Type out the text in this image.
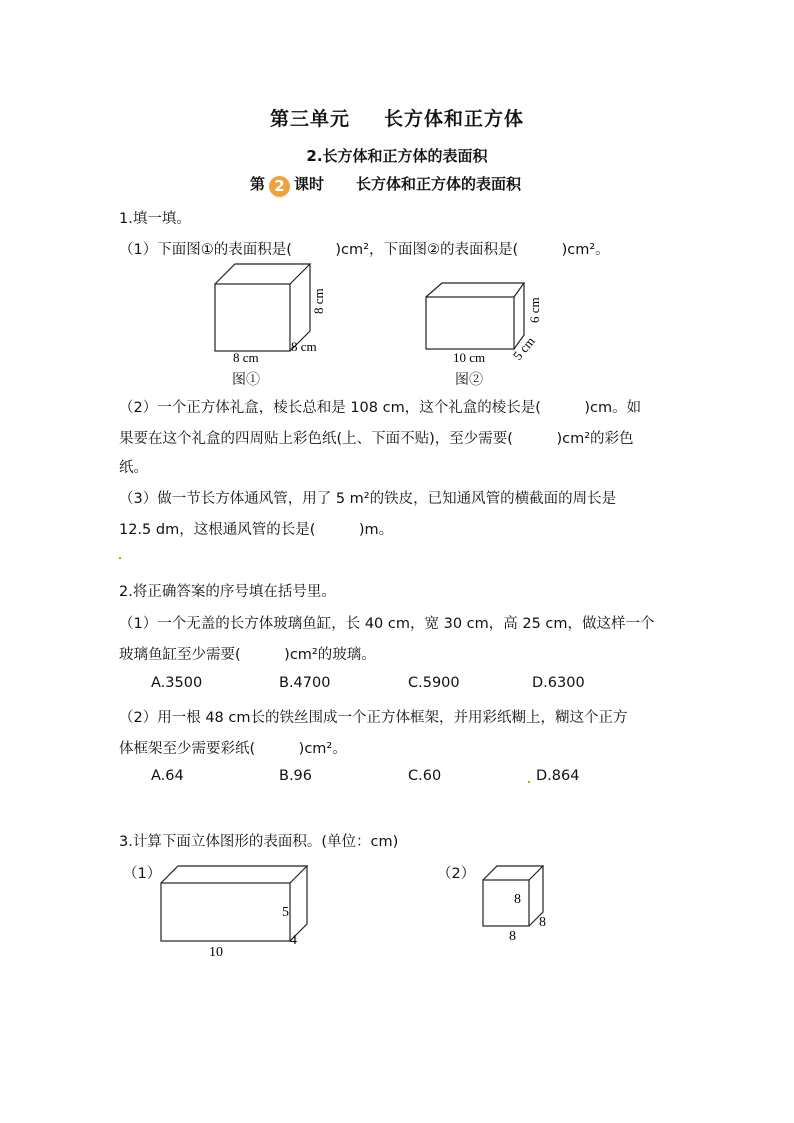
第三单元 长方体和正方体
2.长方体和正方体的表面积
第 2 课时 长方体和正方体的表面积
1.填一填。
（1）下面图①的表面积是(　　　)cm²，下面图②的表面积是(　　　)cm²。
8 cm
8 cm
8 cm
图①
10 cm 5 cm
6 cm
图②
（2）一个正方体礼盒，棱长总和是 108 cm，这个礼盒的棱长是(　　　)cm。如
果要在这个礼盒的四周贴上彩色纸(上、下面不贴)，至少需要(　　　)cm²的彩色
纸。
（3）做一节长方体通风管，用了 5 m²的铁皮，已知通风管的横截面的周长是
12.5 dm，这根通风管的长是(　　　)m。
2.将正确答案的序号填在括号里。
（1）一个无盖的长方体玻璃鱼缸，长 40 cm，宽 30 cm，高 25 cm，做这样一个
玻璃鱼缸至少需要(　　　)cm²的玻璃。
A.3500	B.4700	C.5900	D.6300
（2）用一根 48 cm长的铁丝围成一个正方体框架，并用彩纸糊上，糊这个正方
体框架至少需要彩纸(　　　)cm²。
A.64	B.96	C.60	D.864
3.计算下面立体图形的表面积。(单位：cm)
（1）
10
4
5
（2）
8
8
8
